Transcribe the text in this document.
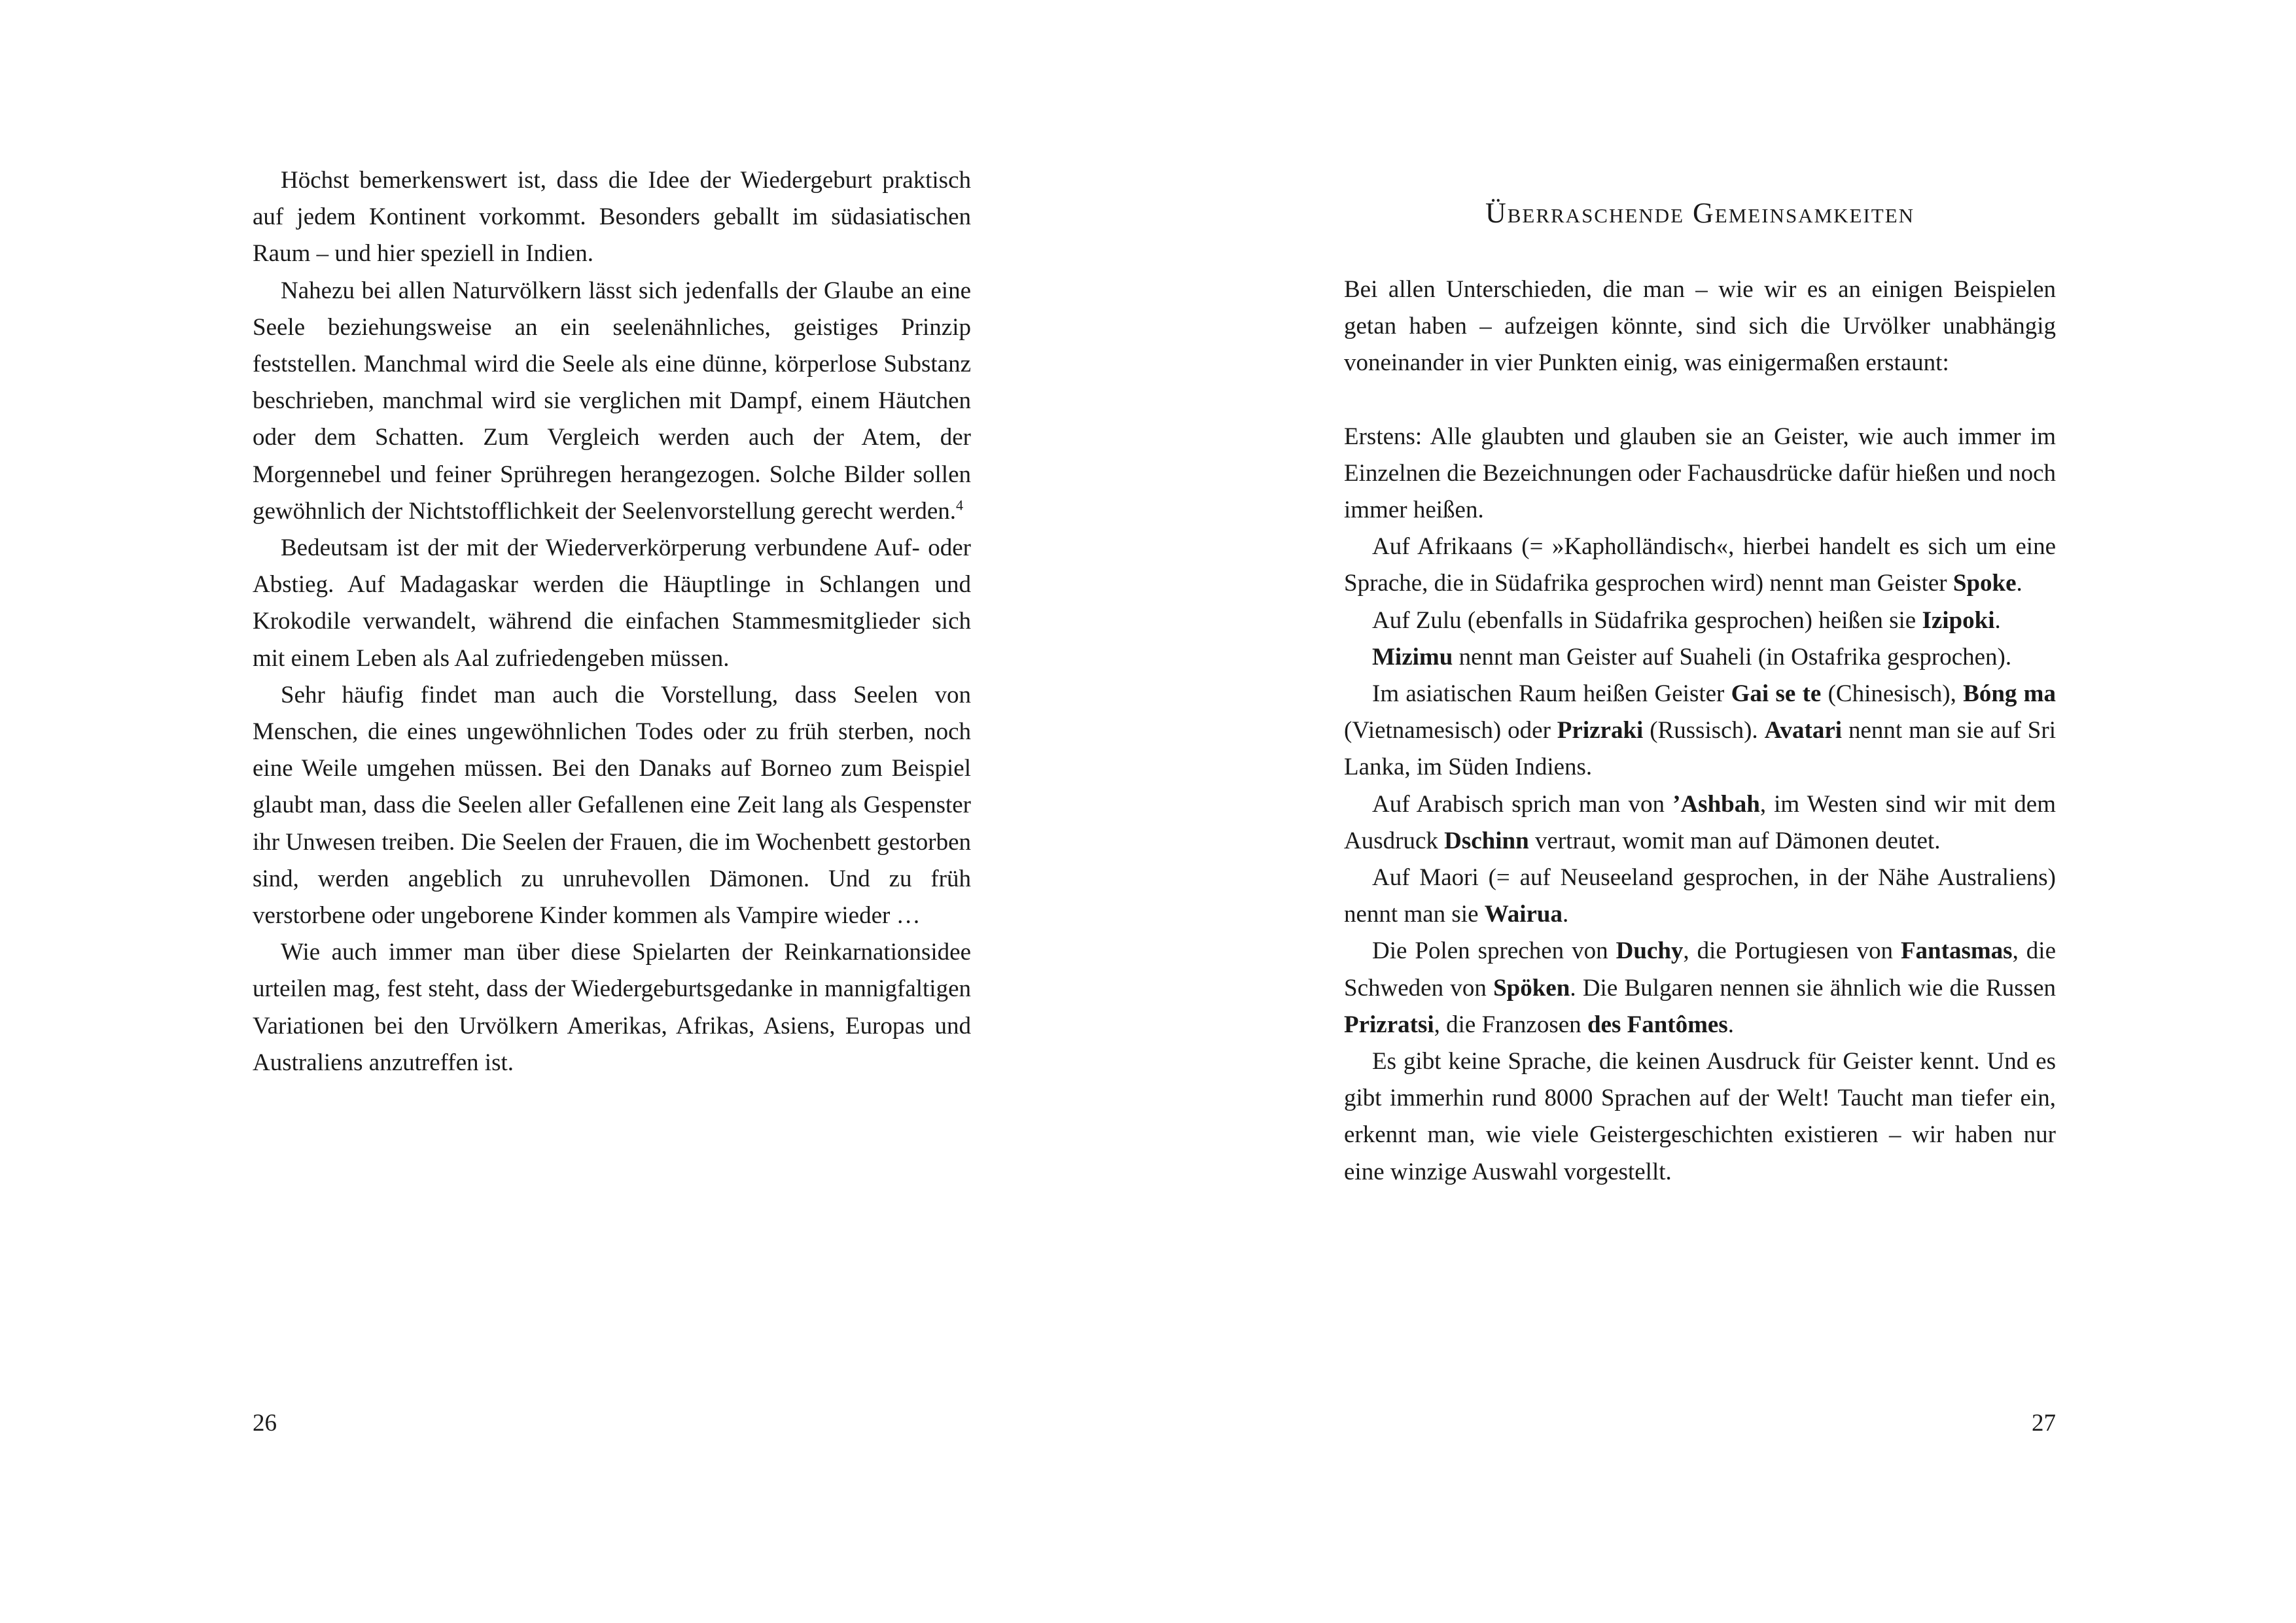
Höchst bemerkenswert ist, dass die Idee der Wiedergeburt praktisch auf jedem Kontinent vorkommt. Besonders geballt im südasiatischen Raum – und hier speziell in Indien.

Nahezu bei allen Naturvölkern lässt sich jedenfalls der Glaube an eine Seele beziehungsweise an ein seelenähnliches, geistiges Prinzip feststellen. Manchmal wird die Seele als eine dünne, körperlose Substanz beschrieben, manchmal wird sie verglichen mit Dampf, einem Häutchen oder dem Schatten. Zum Vergleich werden auch der Atem, der Morgennebel und feiner Sprühregen herangezogen. Solche Bilder sollen gewöhnlich der Nichtstofflichkeit der Seelenvorstellung gerecht werden.$^4$

Bedeutsam ist der mit der Wiederverkörperung verbundene Auf- oder Abstieg. Auf Madagaskar werden die Häuptlinge in Schlangen und Krokodile verwandelt, während die einfachen Stammesmitglieder sich mit einem Leben als Aal zufriedengeben müssen.

Sehr häufig findet man auch die Vorstellung, dass Seelen von Menschen, die eines ungewöhnlichen Todes oder zu früh sterben, noch eine Weile umgehen müssen. Bei den Danaks auf Borneo zum Beispiel glaubt man, dass die Seelen aller Gefallenen eine Zeit lang als Gespenster ihr Unwesen treiben. Die Seelen der Frauen, die im Wochenbett gestorben sind, werden angeblich zu unruhevollen Dämonen. Und zu früh verstorbene oder ungeborene Kinder kommen als Vampire wieder …

Wie auch immer man über diese Spielarten der Reinkarnationsidee urteilen mag, fest steht, dass der Wiedergeburtsgedanke in mannigfaltigen Variationen bei den Urvölkern Amerikas, Afrikas, Asiens, Europas und Australiens anzutreffen ist.

26
Überraschende Gemeinsamkeiten

Bei allen Unterschieden, die man – wie wir es an einigen Beispielen getan haben – aufzeigen könnte, sind sich die Urvölker unabhängig voneinander in vier Punkten einig, was einigermaßen erstaunt:

Erstens: Alle glaubten und glauben sie an Geister, wie auch immer im Einzelnen die Bezeichnungen oder Fachausdrücke dafür hießen und noch immer heißen.

Auf Afrikaans (= »Kapholländisch«, hierbei handelt es sich um eine Sprache, die in Südafrika gesprochen wird) nennt man Geister Spoke.

Auf Zulu (ebenfalls in Südafrika gesprochen) heißen sie Izipoki.

Mizimu nennt man Geister auf Suaheli (in Ostafrika gesprochen).

Im asiatischen Raum heißen Geister Gai se te (Chinesisch), Bóng ma (Vietnamesisch) oder Prizraki (Russisch). Avatari nennt man sie auf Sri Lanka, im Süden Indiens.

Auf Arabisch sprich man von ’Ashbah, im Westen sind wir mit dem Ausdruck Dschinn vertraut, womit man auf Dämonen deutet.

Auf Maori (= auf Neuseeland gesprochen, in der Nähe Australiens) nennt man sie Wairua.

Die Polen sprechen von Duchy, die Portugiesen von Fantasmas, die Schweden von Spöken. Die Bulgaren nennen sie ähnlich wie die Russen Prizratsi, die Franzosen des Fantômes.

Es gibt keine Sprache, die keinen Ausdruck für Geister kennt. Und es gibt immerhin rund 8000 Sprachen auf der Welt! Taucht man tiefer ein, erkennt man, wie viele Geistergeschichten existieren – wir haben nur eine winzige Auswahl vorgestellt.

27
